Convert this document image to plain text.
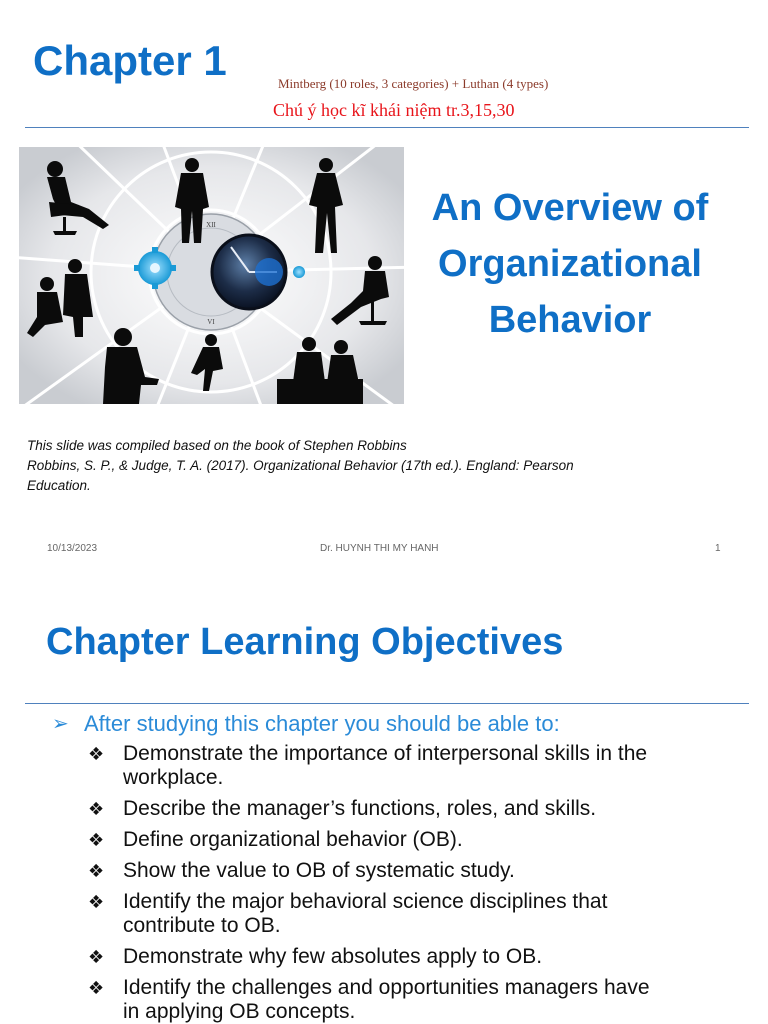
Chapter 1	Mintberg (10 roles, 3 categories) + Luthan (4 types)
Chú ý học kĩ khái niệm tr.3,15,30
XII
VI
An Overview of
Organizational
Behavior
This slide was compiled based on the book of Stephen Robbins
Robbins, S. P., & Judge, T. A. (2017). Organizational Behavior (17th ed.). England: Pearson
Education.
10/13/2023	Dr. HUYNH THI MY HANH	1
Chapter Learning Objectives
➢ After studying this chapter you should be able to:
❖ Demonstrate the importance of interpersonal skills in the
workplace.
❖ Describe the manager’s functions, roles, and skills.
❖ Define organizational behavior (OB).
❖ Show the value to OB of systematic study.
❖ Identify the major behavioral science disciplines that
contribute to OB.
❖ Demonstrate why few absolutes apply to OB.
❖ Identify the challenges and opportunities managers have
in applying OB concepts.
